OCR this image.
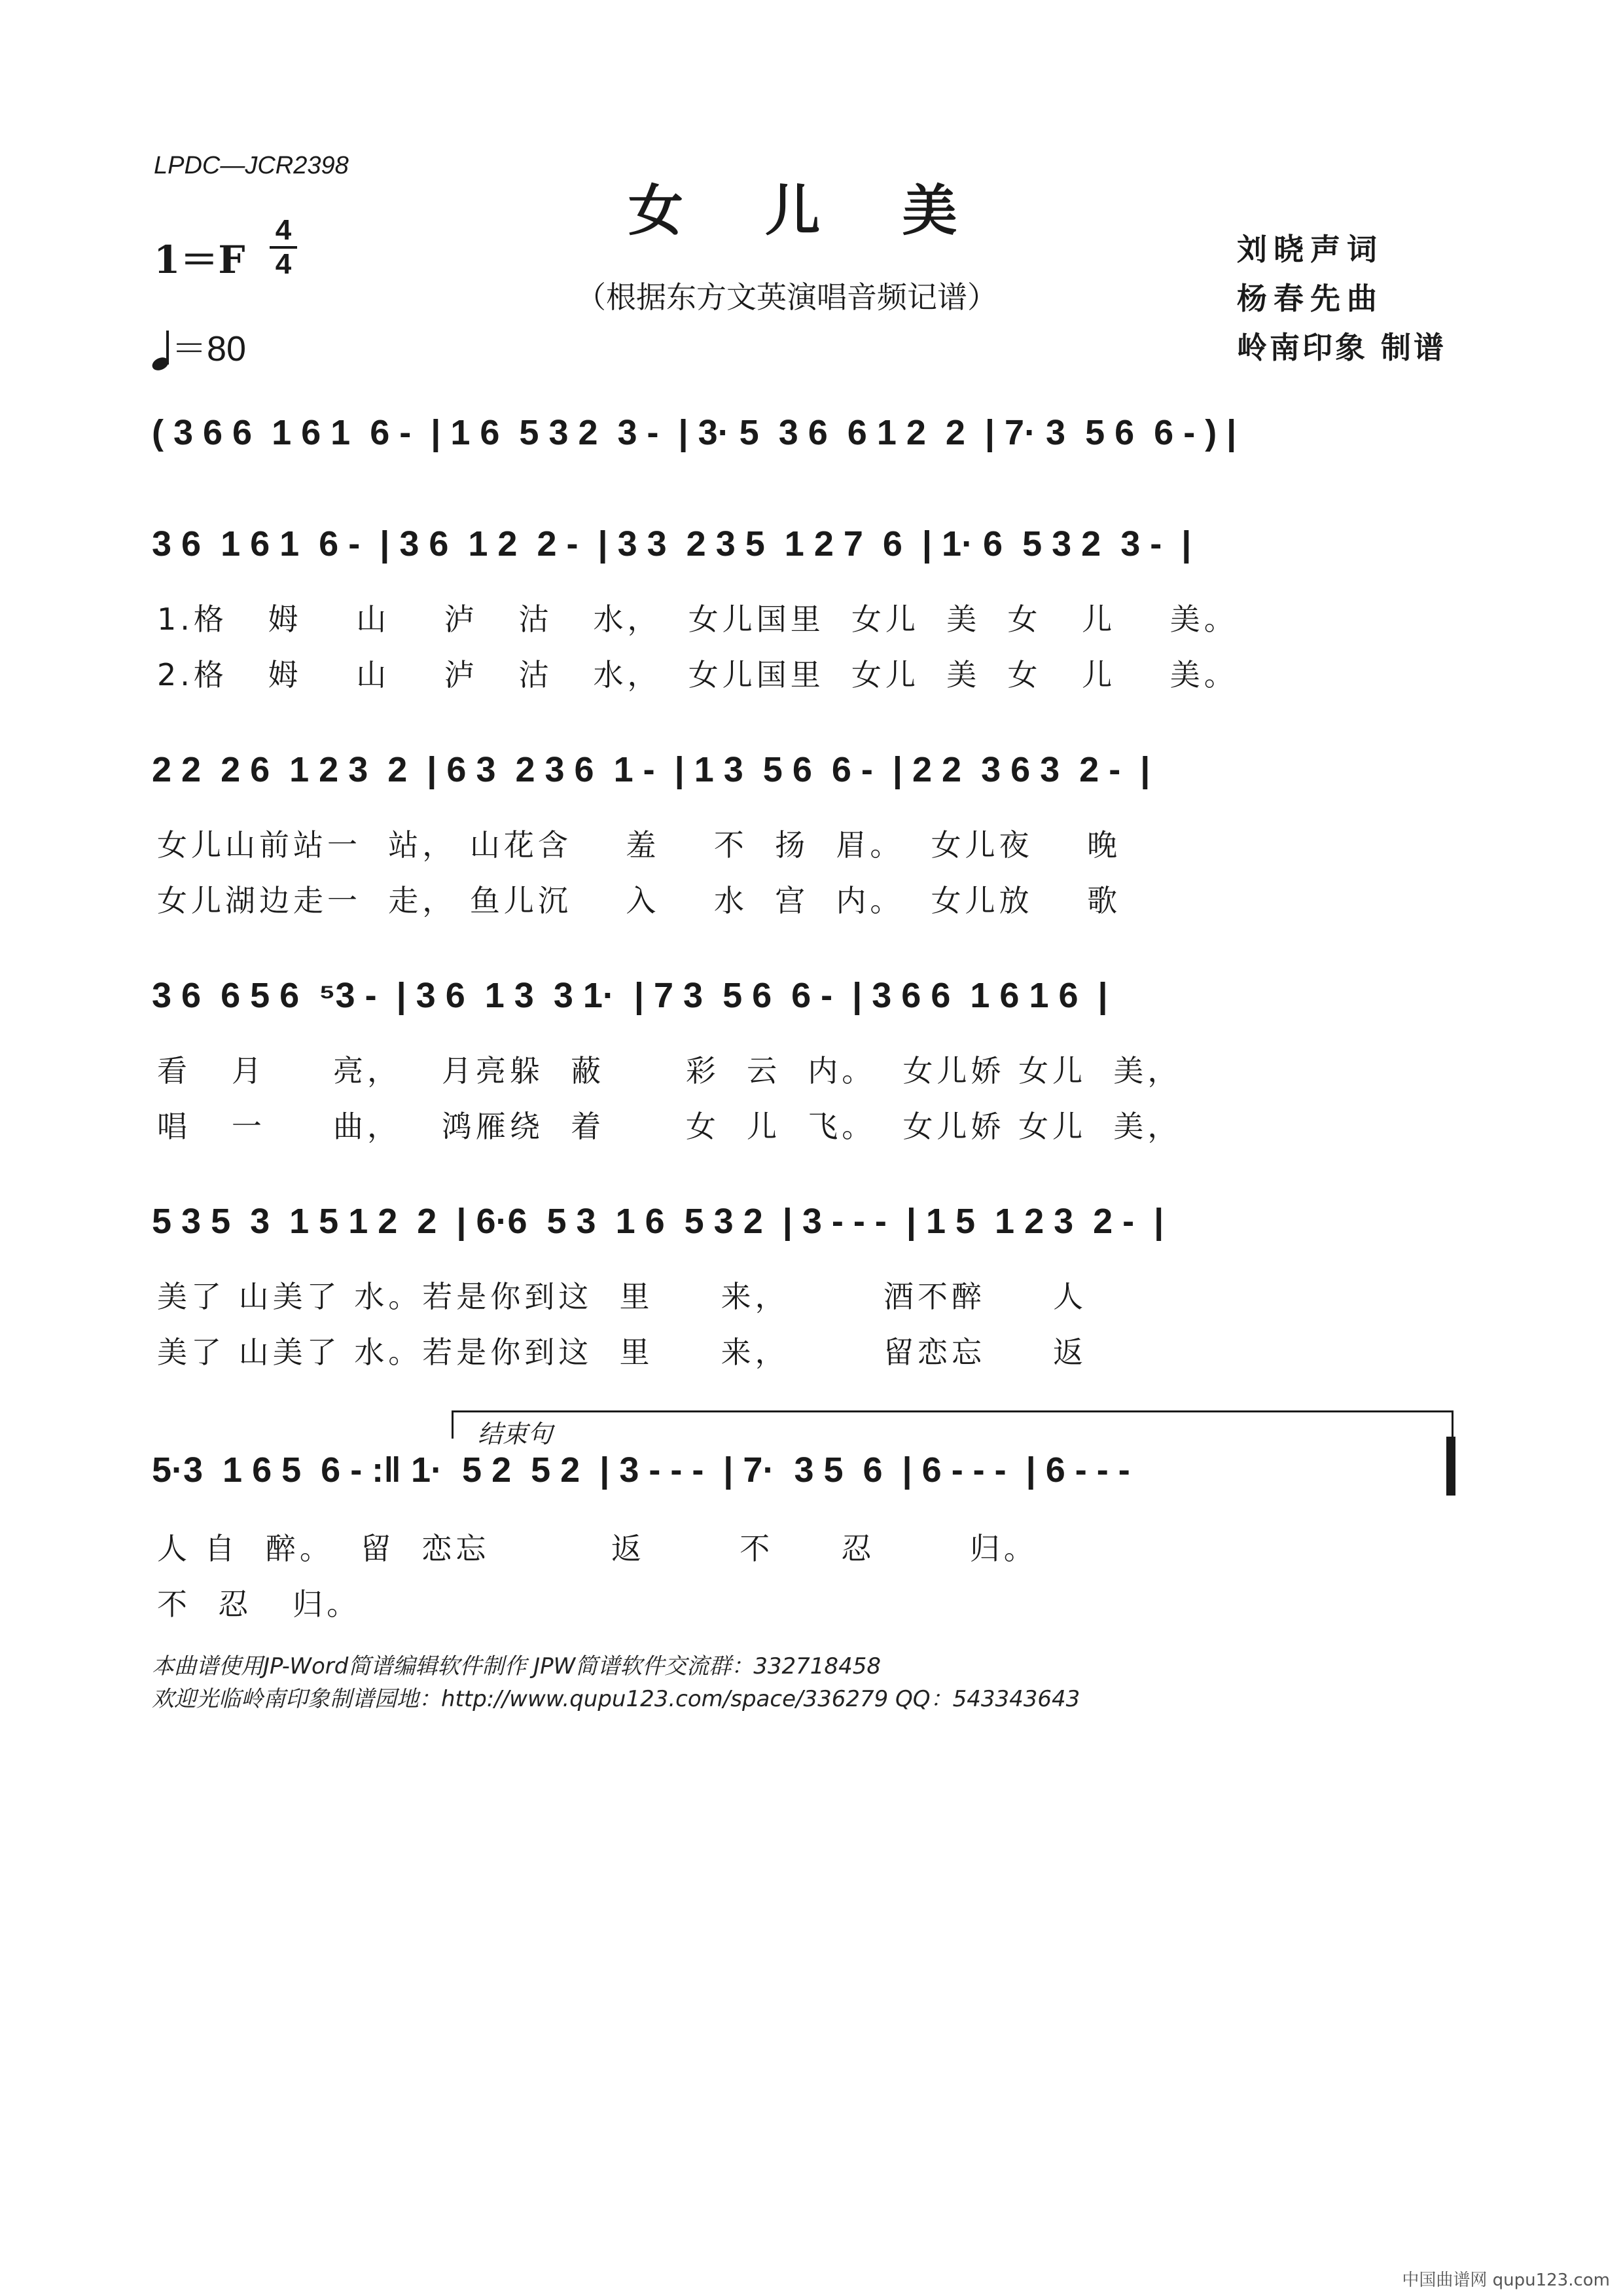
LPDC—JCR2398
女 儿 美
（根据东方文英演唱音频记谱）
刘晓声词
杨春先曲
岭南印象 制谱
1＝F
4
4
＝80
( 3 6 6  1 6 1  6 -  | 1 6  5 3 2  3 -  | 3· 5  3 6  6 1 2  2  | 7· 3  5 6  6 - ) |
3 6  1 6 1  6 -  | 3 6  1 2  2 -  | 3 3  2 3 5  1 2 7  6  | 1· 6  5 3 2  3 -  |
1.格   姆    山    泸   沽   水，  女儿国里  女儿  美  女   儿    美。
2.格   姆    山    泸   沽   水，  女儿国里  女儿  美  女   儿    美。
2 2  2 6  1 2 3  2  | 6 3  2 3 6  1 -  | 1 3  5 6  6 -  | 2 2  3 6 3  2 -  |
女儿山前站一  站， 山花含    羞    不  扬  眉。  女儿夜    晚
女儿湖边走一  走， 鱼儿沉    入    水  宫  内。  女儿放    歌
3 6  6 5 6  ⁵3 -  | 3 6  1 3  3 1·  | 7 3  5 6  6 -  | 3 6 6  1 6 1 6  |
看   月     亮，   月亮躲  蔽      彩  云  内。  女儿娇 女儿  美，
唱   一     曲，   鸿雁绕  着      女  儿  飞。  女儿娇 女儿  美，
5 3 5  3  1 5 1 2  2  | 6·6  5 3  1 6  5 3 2  | 3 - - -  | 1 5  1 2 3  2 -  |
美了 山美了 水。若是你到这  里     来，       酒不醉     人
美了 山美了 水。若是你到这  里     来，       留恋忘     返
结束句
5·3  1 6 5  6 - :‖ 1·  5 2  5 2  | 3 - - -  | 7·  3 5  6  | 6 - - -  | 6 - - -
人 自  醉。  留  恋忘         返       不     忍       归。
不  忍   归。
本曲谱使用JP-Word简谱编辑软件制作 JPW简谱软件交流群：332718458
欢迎光临岭南印象制谱园地：http://www.qupu123.com/space/336279 QQ：543343643
中国曲谱网 qupu123.com
